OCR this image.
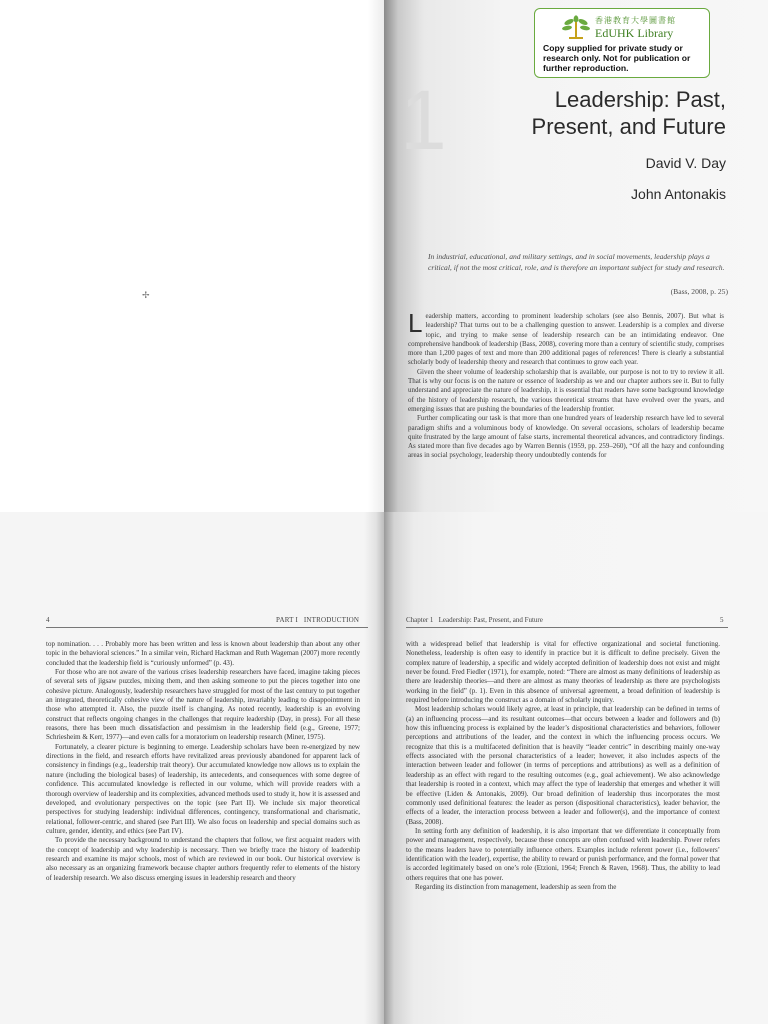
✢
香港教育大學圖書館
EdUHK Library
Copy supplied for private study or research only. Not for publication or further reproduction.
1	Leadership: Past,
Present, and Future
David V. Day
John Antonakis
In industrial, educational, and military settings, and in social movements, leadership plays a critical, if not the most critical, role, and is therefore an important subject for study and research.
(Bass, 2008, p. 25)

Leadership matters, according to prominent leadership scholars (see also Bennis, 2007). But what is leadership? That turns out to be a challenging question to answer. Leadership is a complex and diverse topic, and trying to make sense of leadership research can be an intimidating endeavor. One comprehensive handbook of leadership (Bass, 2008), covering more than a century of scientific study, comprises more than 1,200 pages of text and more than 200 additional pages of references! There is clearly a substantial scholarly body of leadership theory and research that continues to grow each year.

Given the sheer volume of leadership scholarship that is available, our purpose is not to try to review it all. That is why our focus is on the nature or essence of leadership as we and our chapter authors see it. But to fully understand and appreciate the nature of leadership, it is essential that readers have some background knowledge of the history of leadership research, the various theoretical streams that have evolved over the years, and emerging issues that are pushing the boundaries of the leadership frontier.

Further complicating our task is that more than one hundred years of leadership research have led to several paradigm shifts and a voluminous body of knowledge. On several occasions, scholars of leadership became quite frustrated by the large amount of false starts, incremental theoretical advances, and contradictory findings. As stated more than five decades ago by Warren Bennis (1959, pp. 259–260), “Of all the hazy and confounding areas in social psychology, leadership theory undoubtedly contends for

4	PART I   INTRODUCTION	Chapter 1   Leadership: Past, Present, and Future	5

top nomination. . . . Probably more has been written and less is known about leadership than about any other topic in the behavioral sciences.” In a similar vein, Richard Hackman and Ruth Wageman (2007) more recently concluded that the leadership field is “curiously unformed” (p. 43).

For those who are not aware of the various crises leadership researchers have faced, imagine taking pieces of several sets of jigsaw puzzles, mixing them, and then asking someone to put the pieces together into one cohesive picture. Analogously, leadership researchers have struggled for most of the last century to put together an integrated, theoretically cohesive view of the nature of leadership, invariably leading to disappointment in those who attempted it. Also, the puzzle itself is changing. As noted recently, leadership is an evolving construct that reflects ongoing changes in the challenges that require leadership (Day, in press). For all these reasons, there has been much dissatisfaction and pessimism in the leadership field (e.g., Greene, 1977; Schriesheim & Kerr, 1977)—and even calls for a moratorium on leadership research (Miner, 1975).

Fortunately, a clearer picture is beginning to emerge. Leadership scholars have been re-energized by new directions in the field, and research efforts have revitalized areas previously abandoned for apparent lack of consistency in findings (e.g., leadership trait theory). Our accumulated knowledge now allows us to explain the nature (including the biological bases) of leadership, its antecedents, and consequences with some degree of confidence. This accumulated knowledge is reflected in our volume, which will provide readers with a thorough overview of leadership and its complexities, advanced methods used to study it, how it is assessed and developed, and evolutionary perspectives on the topic (see Part II). We include six major theoretical perspectives for studying leadership: individual differences, contingency, transformational and charismatic, relational, follower-centric, and shared (see Part III). We also focus on leadership and special domains such as culture, gender, identity, and ethics (see Part IV).

To provide the necessary background to understand the chapters that follow, we first acquaint readers with the concept of leadership and why leadership is necessary. Then we briefly trace the history of leadership research and examine its major schools, most of which are reviewed in our book. Our historical overview is also necessary as an organizing framework because chapter authors frequently refer to elements of the history of leadership research. We also discuss emerging issues in leadership research and theory

with a widespread belief that leadership is vital for effective organizational and societal functioning. Nonetheless, leadership is often easy to identify in practice but it is difficult to define precisely. Given the complex nature of leadership, a specific and widely accepted definition of leadership does not exist and might never be found. Fred Fiedler (1971), for example, noted: “There are almost as many definitions of leadership as there are leadership theories—and there are almost as many theories of leadership as there are psychologists working in the field” (p. 1). Even in this absence of universal agreement, a broad definition of leadership is required before introducing the construct as a domain of scholarly inquiry.

Most leadership scholars would likely agree, at least in principle, that leadership can be defined in terms of (a) an influencing process—and its resultant outcomes—that occurs between a leader and followers and (b) how this influencing process is explained by the leader’s dispositional characteristics and behaviors, follower perceptions and attributions of the leader, and the context in which the influencing process occurs. We recognize that this is a multifaceted definition that is heavily “leader centric” in describing mainly one-way effects associated with the personal characteristics of a leader; however, it also includes aspects of the interaction between leader and follower (in terms of perceptions and attributions) as well as a definition of leadership as an effect with regard to the resulting outcomes (e.g., goal achievement). We also acknowledge that leadership is rooted in a context, which may affect the type of leadership that emerges and whether it will be effective (Liden & Antonakis, 2009). Our broad definition of leadership thus incorporates the most commonly used definitional features: the leader as person (dispositional characteristics), leader behavior, the effects of a leader, the interaction process between a leader and follower(s), and the importance of context (Bass, 2008).

In setting forth any definition of leadership, it is also important that we differentiate it conceptually from power and management, respectively, because these concepts are often confused with leadership. Power refers to the means leaders have to potentially influence others. Examples include referent power (i.e., followers’ identification with the leader), expertise, the ability to reward or punish performance, and the formal power that is accorded legitimately based on one’s role (Etzioni, 1964; French & Raven, 1968). Thus, the ability to lead others requires that one has power.

Regarding its distinction from management, leadership as seen from the
